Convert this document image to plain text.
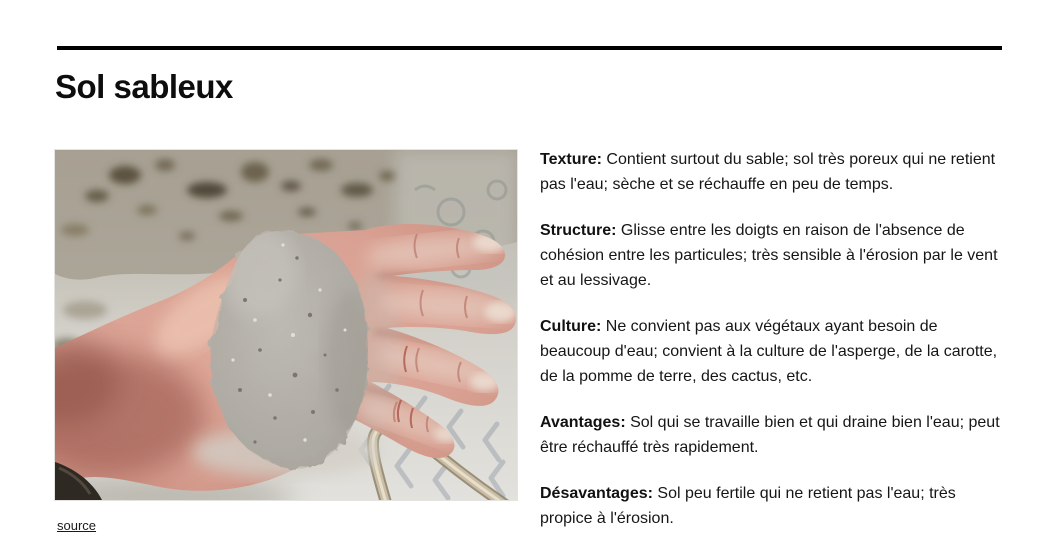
Sol sableux
source

Texture: Contient surtout du sable; sol très poreux qui ne retient pas l'eau; sèche et se réchauffe en peu de temps.

Structure: Glisse entre les doigts en raison de l'absence de cohésion entre les particules; très sensible à l'érosion par le vent et au lessivage.

Culture: Ne convient pas aux végétaux ayant besoin de beaucoup d'eau; convient à la culture de l'asperge, de la carotte, de la pomme de terre, des cactus, etc.

Avantages: Sol qui se travaille bien et qui draine bien l'eau; peut être réchauffé très rapidement.

Désavantages: Sol peu fertile qui ne retient pas l'eau; très propice à l'érosion.
